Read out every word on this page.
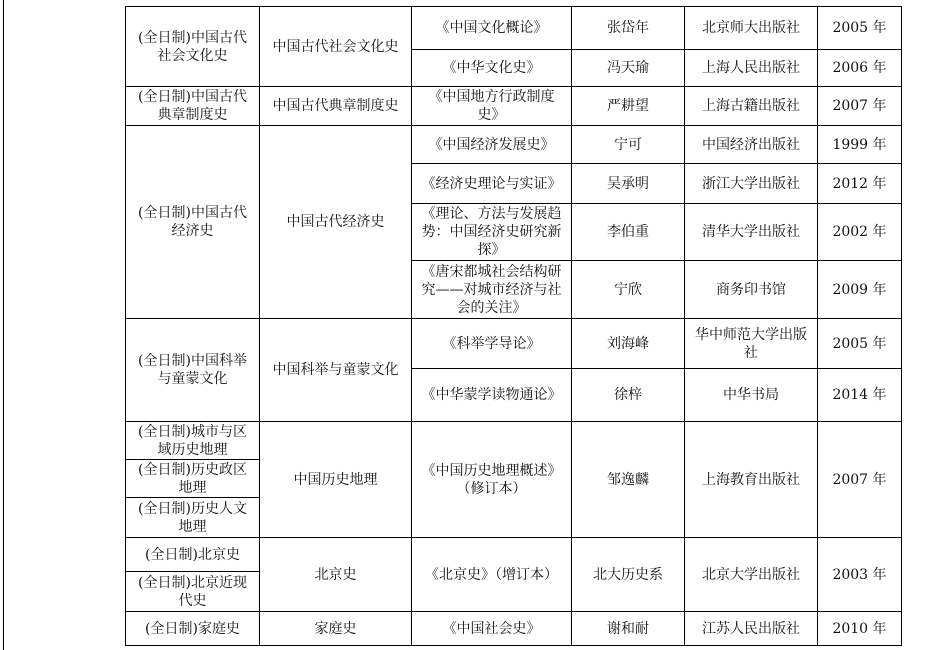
(全日制)中国古代社会文化史	中国古代社会文化史	《中国文化概论》	张岱年	北京师大出版社	2005 年
		《中华文化史》	冯天瑜	上海人民出版社	2006 年
(全日制)中国古代典章制度史	中国古代典章制度史	《中国地方行政制度史》	严耕望	上海古籍出版社	2007 年
(全日制)中国古代经济史	中国古代经济史	《中国经济发展史》	宁可	中国经济出版社	1999 年
		《经济史理论与实证》	吴承明	浙江大学出版社	2012 年
		《理论、方法与发展趋势：中国经济史研究新探》	李伯重	清华大学出版社	2002 年
		《唐宋都城社会结构研究——对城市经济与社会的关注》	宁欣	商务印书馆	2009 年
(全日制)中国科举与童蒙文化	中国科举与童蒙文化	《科举学导论》	刘海峰	华中师范大学出版社	2005 年
		《中华蒙学读物通论》	徐梓	中华书局	2014 年
(全日制)城市与区域历史地理	中国历史地理	《中国历史地理概述》（修订本）	邹逸麟	上海教育出版社	2007 年
(全日制)历史政区地理					
(全日制)历史人文地理					
(全日制)北京史	北京史	《北京史》（增订本）	北大历史系	北京大学出版社	2003 年
(全日制)北京近现代史					
(全日制)家庭史	家庭史	《中国社会史》	谢和耐	江苏人民出版社	2010 年
